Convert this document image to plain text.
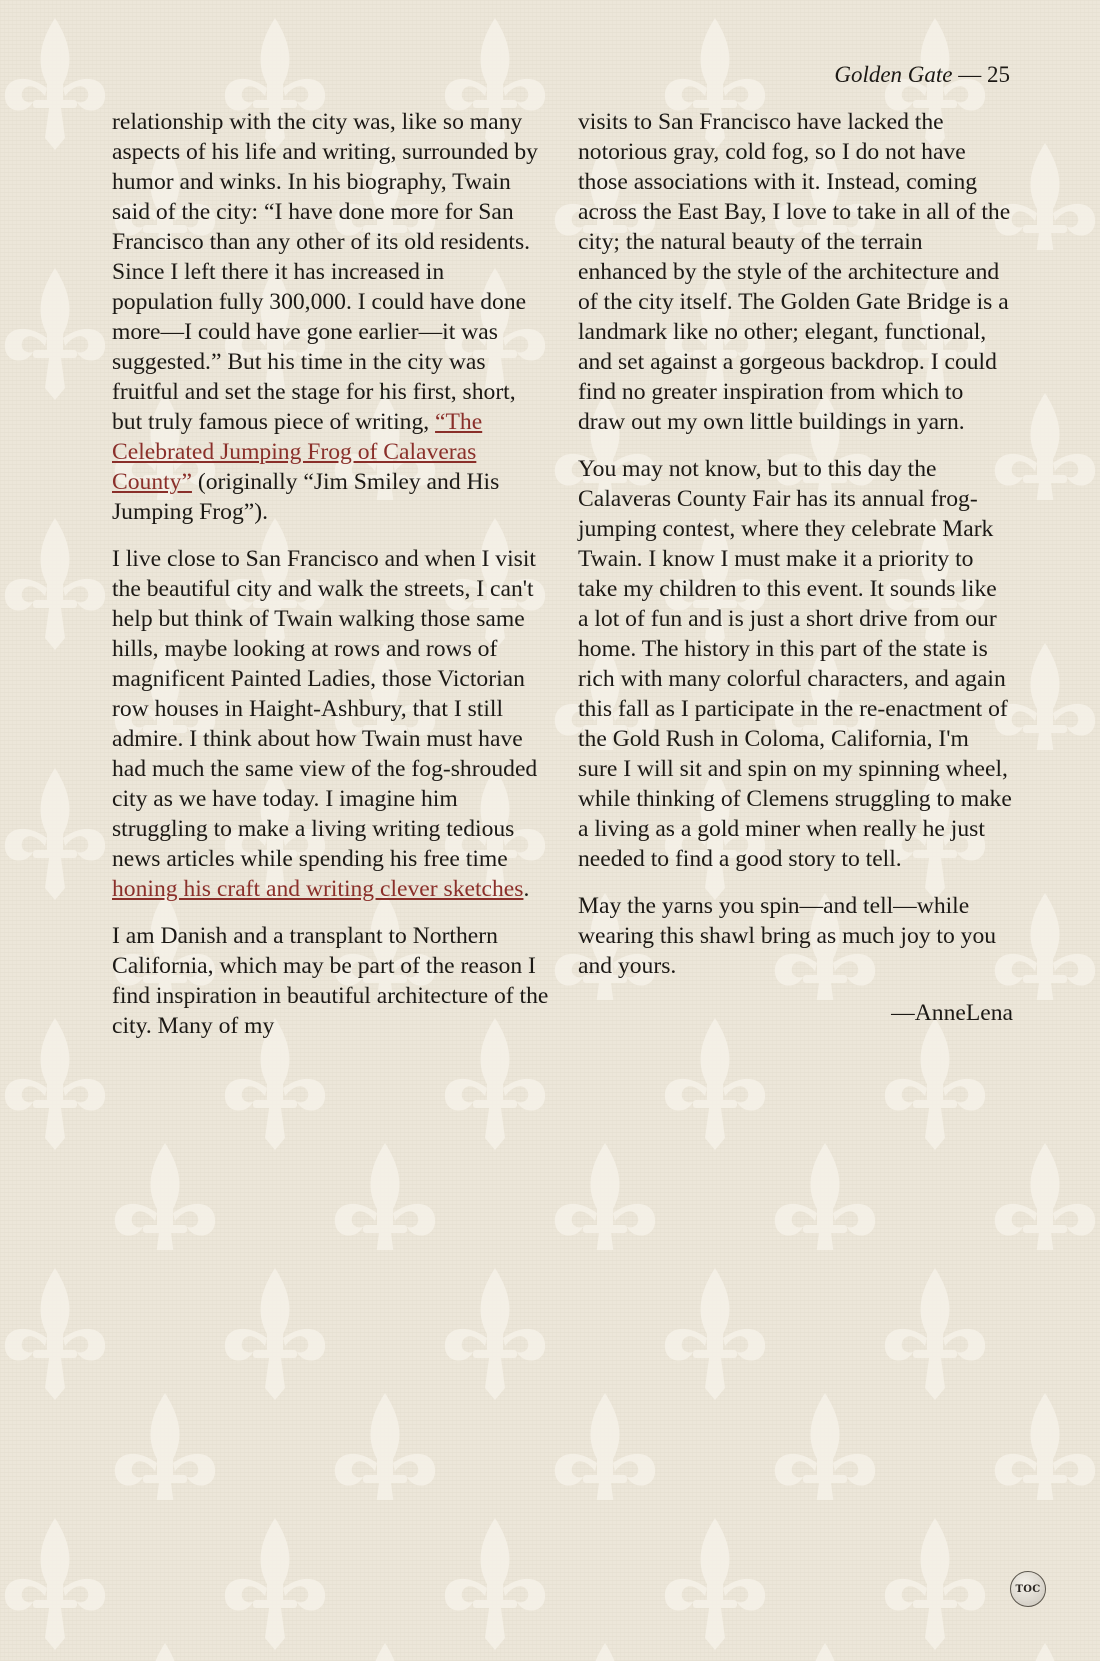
Golden Gate — 25

relationship with the city was, like so many aspects of his life and writing, surrounded by humor and winks. In his biography, Twain said of the city: “I have done more for San Francisco than any other of its old residents. Since I left there it has increased in population fully 300,000. I could have done more—I could have gone earlier—it was suggested.” But his time in the city was fruitful and set the stage for his first, short, but truly famous piece of writing, “The Celebrated Jumping Frog of Calaveras County” (originally “Jim Smiley and His Jumping Frog”).

I live close to San Francisco and when I visit the beautiful city and walk the streets, I can't help but think of Twain walking those same hills, maybe looking at rows and rows of magnificent Painted Ladies, those Victorian row houses in Haight-Ashbury, that I still admire. I think about how Twain must have had much the same view of the fog-shrouded city as we have today. I imagine him struggling to make a living writing tedious news articles while spending his free time honing his craft and writing clever sketches.

I am Danish and a transplant to Northern California, which may be part of the reason I find inspiration in beautiful architecture of the city. Many of my

visits to San Francisco have lacked the notorious gray, cold fog, so I do not have those associations with it. Instead, coming across the East Bay, I love to take in all of the city; the natural beauty of the terrain enhanced by the style of the architecture and of the city itself. The Golden Gate Bridge is a landmark like no other; elegant, functional, and set against a gorgeous backdrop. I could find no greater inspiration from which to draw out my own little buildings in yarn.

You may not know, but to this day the Calaveras County Fair has its annual frog-jumping contest, where they celebrate Mark Twain. I know I must make it a priority to take my children to this event. It sounds like a lot of fun and is just a short drive from our home. The history in this part of the state is rich with many colorful characters, and again this fall as I participate in the re-enactment of the Gold Rush in Coloma, California, I'm sure I will sit and spin on my spinning wheel, while thinking of Clemens struggling to make a living as a gold miner when really he just needed to find a good story to tell.

May the yarns you spin—and tell—while wearing this shawl bring as much joy to you and yours.

—AnneLena
TOC
